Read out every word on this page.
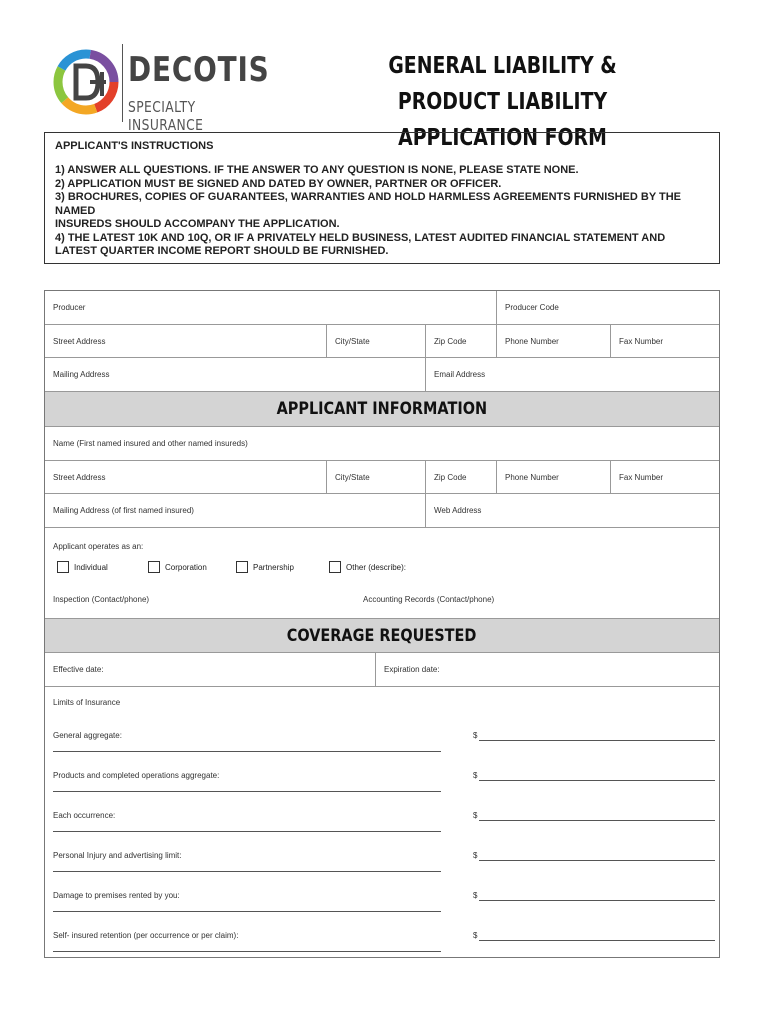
DECOTIS
SPECIALTY INSURANCE
GENERAL LIABILITY & PRODUCT LIABILITY
APPLICATION FORM
APPLICANT'S INSTRUCTIONS

1) ANSWER ALL QUESTIONS. IF THE ANSWER TO ANY QUESTION IS NONE, PLEASE STATE NONE.

2) APPLICATION MUST BE SIGNED AND DATED BY OWNER, PARTNER OR OFFICER.

3) BROCHURES, COPIES OF GUARANTEES, WARRANTIES AND HOLD HARMLESS AGREEMENTS FURNISHED BY THE NAMED

INSUREDS SHOULD ACCOMPANY THE APPLICATION.

4) THE LATEST 10K AND 10Q, OR IF A PRIVATELY HELD BUSINESS, LATEST AUDITED FINANCIAL STATEMENT AND LATEST QUARTER INCOME REPORT SHOULD BE FURNISHED.

Producer	Producer Code
Street Address	City/State	Zip Code	Phone Number	Fax Number
Mailing Address	Email Address
APPLICANT INFORMATION
Name (First named insured and other named insureds)
Street Address	City/State	Zip Code	Phone Number	Fax Number
Mailing Address (of first named insured)	Web Address
Applicant operates as an:
Individual	Corporation	Partnership	Other (describe):
Inspection (Contact/phone)	Accounting Records (Contact/phone)
COVERAGE REQUESTED
Effective date:	Expiration date:
Limits of Insurance
General aggregate:	$
Products and completed operations aggregate:	$
Each occurrence:	$
Personal Injury and advertising limit:	$
Damage to premises rented by you:	$
Self- insured retention (per occurrence or per claim):	$
